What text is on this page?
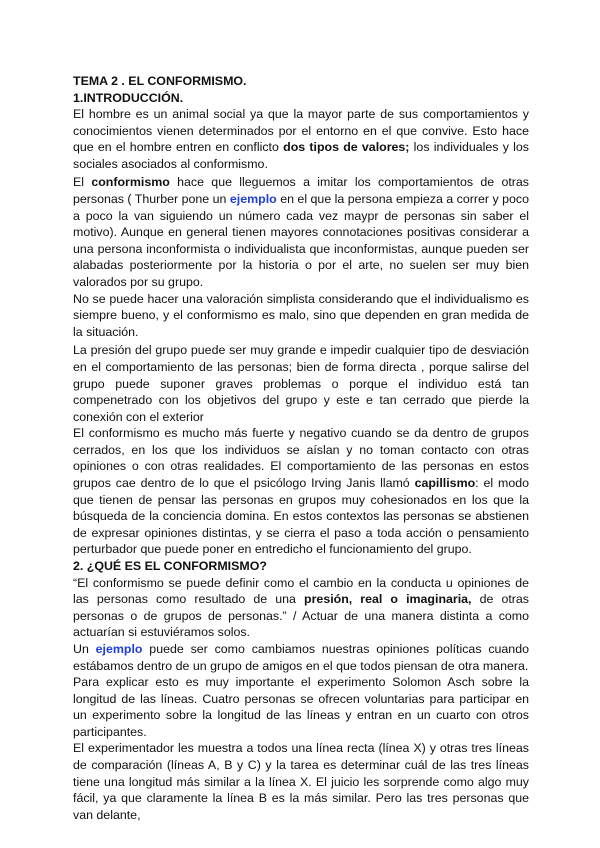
TEMA 2 . EL CONFORMISMO.

1.INTRODUCCIÓN.

El hombre es un animal social ya que la mayor parte de sus comportamientos y conocimientos vienen determinados por el entorno en el que convive. Esto hace que en el hombre entren en conflicto dos tipos de valores; los individuales y los sociales asociados al conformismo.

El conformismo hace que lleguemos a imitar los comportamientos de otras personas ( Thurber pone un ejemplo en el que la persona empieza a correr y poco a poco la van siguiendo un número cada vez maypr de personas sin saber el motivo). Aunque en general tienen mayores connotaciones positivas considerar a una persona inconformista o individualista que inconformistas, aunque pueden ser alabadas posteriormente por la historia o por el arte, no suelen ser muy bien valorados por su grupo.

No se puede hacer una valoración simplista considerando que el individualismo es siempre bueno, y el conformismo es malo, sino que dependen en gran medida de la situación.

La presión del grupo puede ser muy grande e impedir cualquier tipo de desviación en el comportamiento de las personas; bien de forma directa , porque salirse del grupo puede suponer graves problemas o porque el individuo está tan compenetrado con los objetivos del grupo y este e tan cerrado que pierde la conexión con el exterior

El conformismo es mucho más fuerte y negativo cuando se da dentro de grupos cerrados, en los que los individuos se aíslan y no toman contacto con otras opiniones o con otras realidades. El comportamiento de las personas en estos grupos cae dentro de lo que el psicólogo Irving Janis llamó capillismo: el modo que tienen de pensar las personas en grupos muy cohesionados en los que la búsqueda de la conciencia domina. En estos contextos las personas se abstienen de expresar opiniones distintas, y se cierra el paso a toda acción o pensamiento perturbador que puede poner en entredicho el funcionamiento del grupo.

2. ¿QUÉ ES EL CONFORMISMO?

“El conformismo se puede definir como el cambio en la conducta u opiniones de las personas como resultado de una presión, real o imaginaria, de otras personas o de grupos de personas.” / Actuar de una manera distinta a como actuarían si estuviéramos solos.

Un ejemplo puede ser como cambiamos nuestras opiniones políticas cuando estábamos dentro de un grupo de amigos en el que todos piensan de otra manera.

Para explicar esto es muy importante el experimento Solomon Asch sobre la longitud de las líneas. Cuatro personas se ofrecen voluntarias para participar en un experimento sobre la longitud de las líneas y entran en un cuarto con otros participantes.

El experimentador les muestra a todos una línea recta (línea X) y otras tres líneas de comparación (líneas A, B y C) y la tarea es determinar cuál de las tres líneas tiene una longitud más similar a la línea X. El juicio les sorprende como algo muy fácil, ya que claramente la línea B es la más similar. Pero las tres personas que van delante,
